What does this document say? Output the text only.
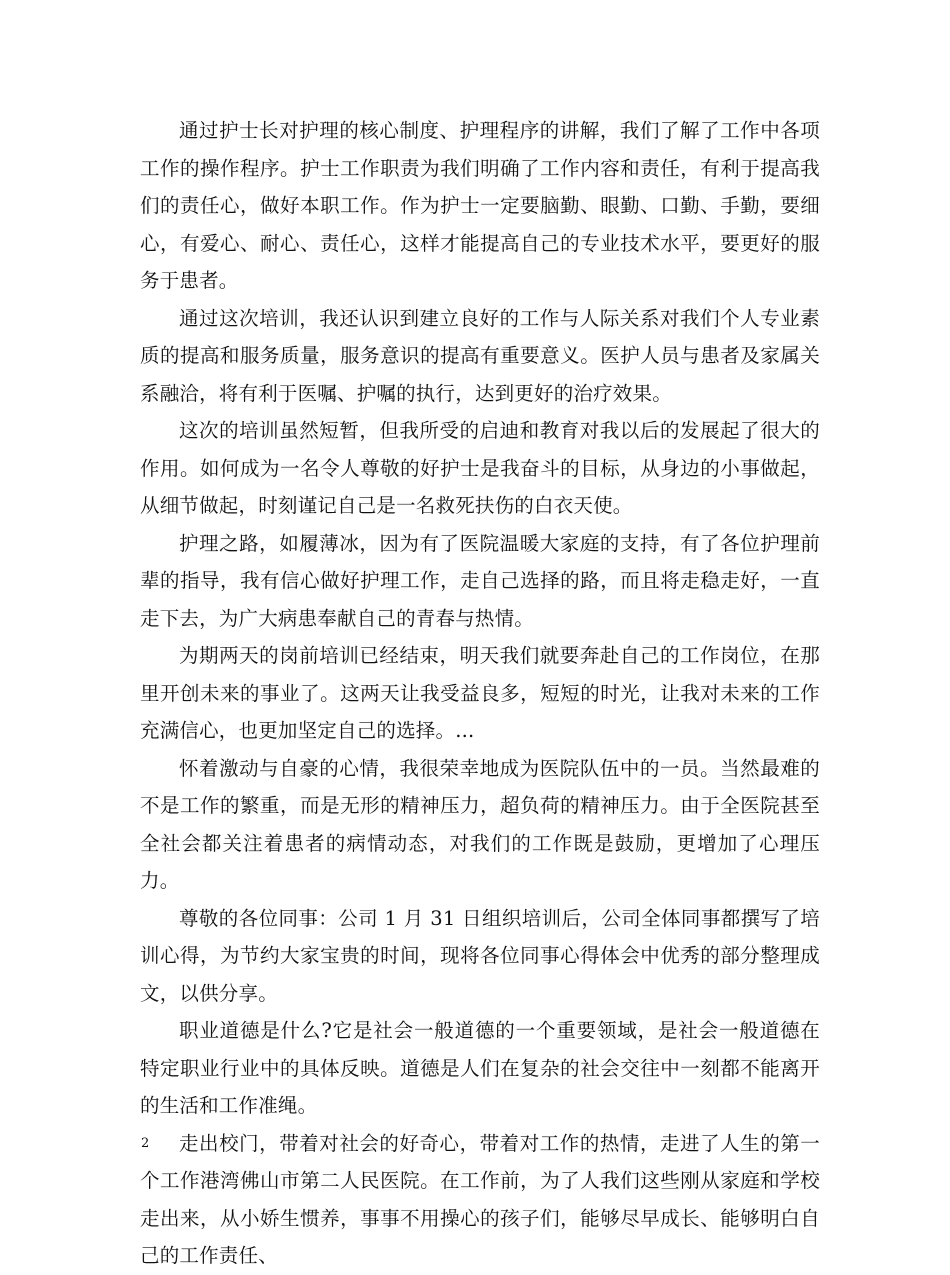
通过护士长对护理的核心制度、护理程序的讲解，我们了解了工作中各项工作的操作程序。护士工作职责为我们明确了工作内容和责任，有利于提高我们的责任心，做好本职工作。作为护士一定要脑勤、眼勤、口勤、手勤，要细心，有爱心、耐心、责任心，这样才能提高自己的专业技术水平，要更好的服务于患者。

通过这次培训，我还认识到建立良好的工作与人际关系对我们个人专业素质的提高和服务质量，服务意识的提高有重要意义。医护人员与患者及家属关系融洽，将有利于医嘱、护嘱的执行，达到更好的治疗效果。

这次的培训虽然短暂，但我所受的启迪和教育对我以后的发展起了很大的作用。如何成为一名令人尊敬的好护士是我奋斗的目标，从身边的小事做起，从细节做起，时刻谨记自己是一名救死扶伤的白衣天使。

护理之路，如履薄冰，因为有了医院温暖大家庭的支持，有了各位护理前辈的指导，我有信心做好护理工作，走自己选择的路，而且将走稳走好，一直走下去，为广大病患奉献自己的青春与热情。

为期两天的岗前培训已经结束，明天我们就要奔赴自己的工作岗位，在那里开创未来的事业了。这两天让我受益良多，短短的时光，让我对未来的工作充满信心，也更加坚定自己的选择。...

怀着激动与自豪的心情，我很荣幸地成为医院队伍中的一员。当然最难的不是工作的繁重，而是无形的精神压力，超负荷的精神压力。由于全医院甚至全社会都关注着患者的病情动态，对我们的工作既是鼓励，更增加了心理压力。

尊敬的各位同事：公司 1 月 31 日组织培训后，公司全体同事都撰写了培训心得，为节约大家宝贵的时间，现将各位同事心得体会中优秀的部分整理成文，以供分享。

职业道德是什么?它是社会一般道德的一个重要领域，是社会一般道德在特定职业行业中的具体反映。道德是人们在复杂的社会交往中一刻都不能离开的生活和工作准绳。

走出校门，带着对社会的好奇心，带着对工作的热情，走进了人生的第一个工作港湾佛山市第二人民医院。在工作前，为了人我们这些刚从家庭和学校走出来，从小娇生惯养，事事不用操心的孩子们，能够尽早成长、能够明白自己的工作责任、

2
